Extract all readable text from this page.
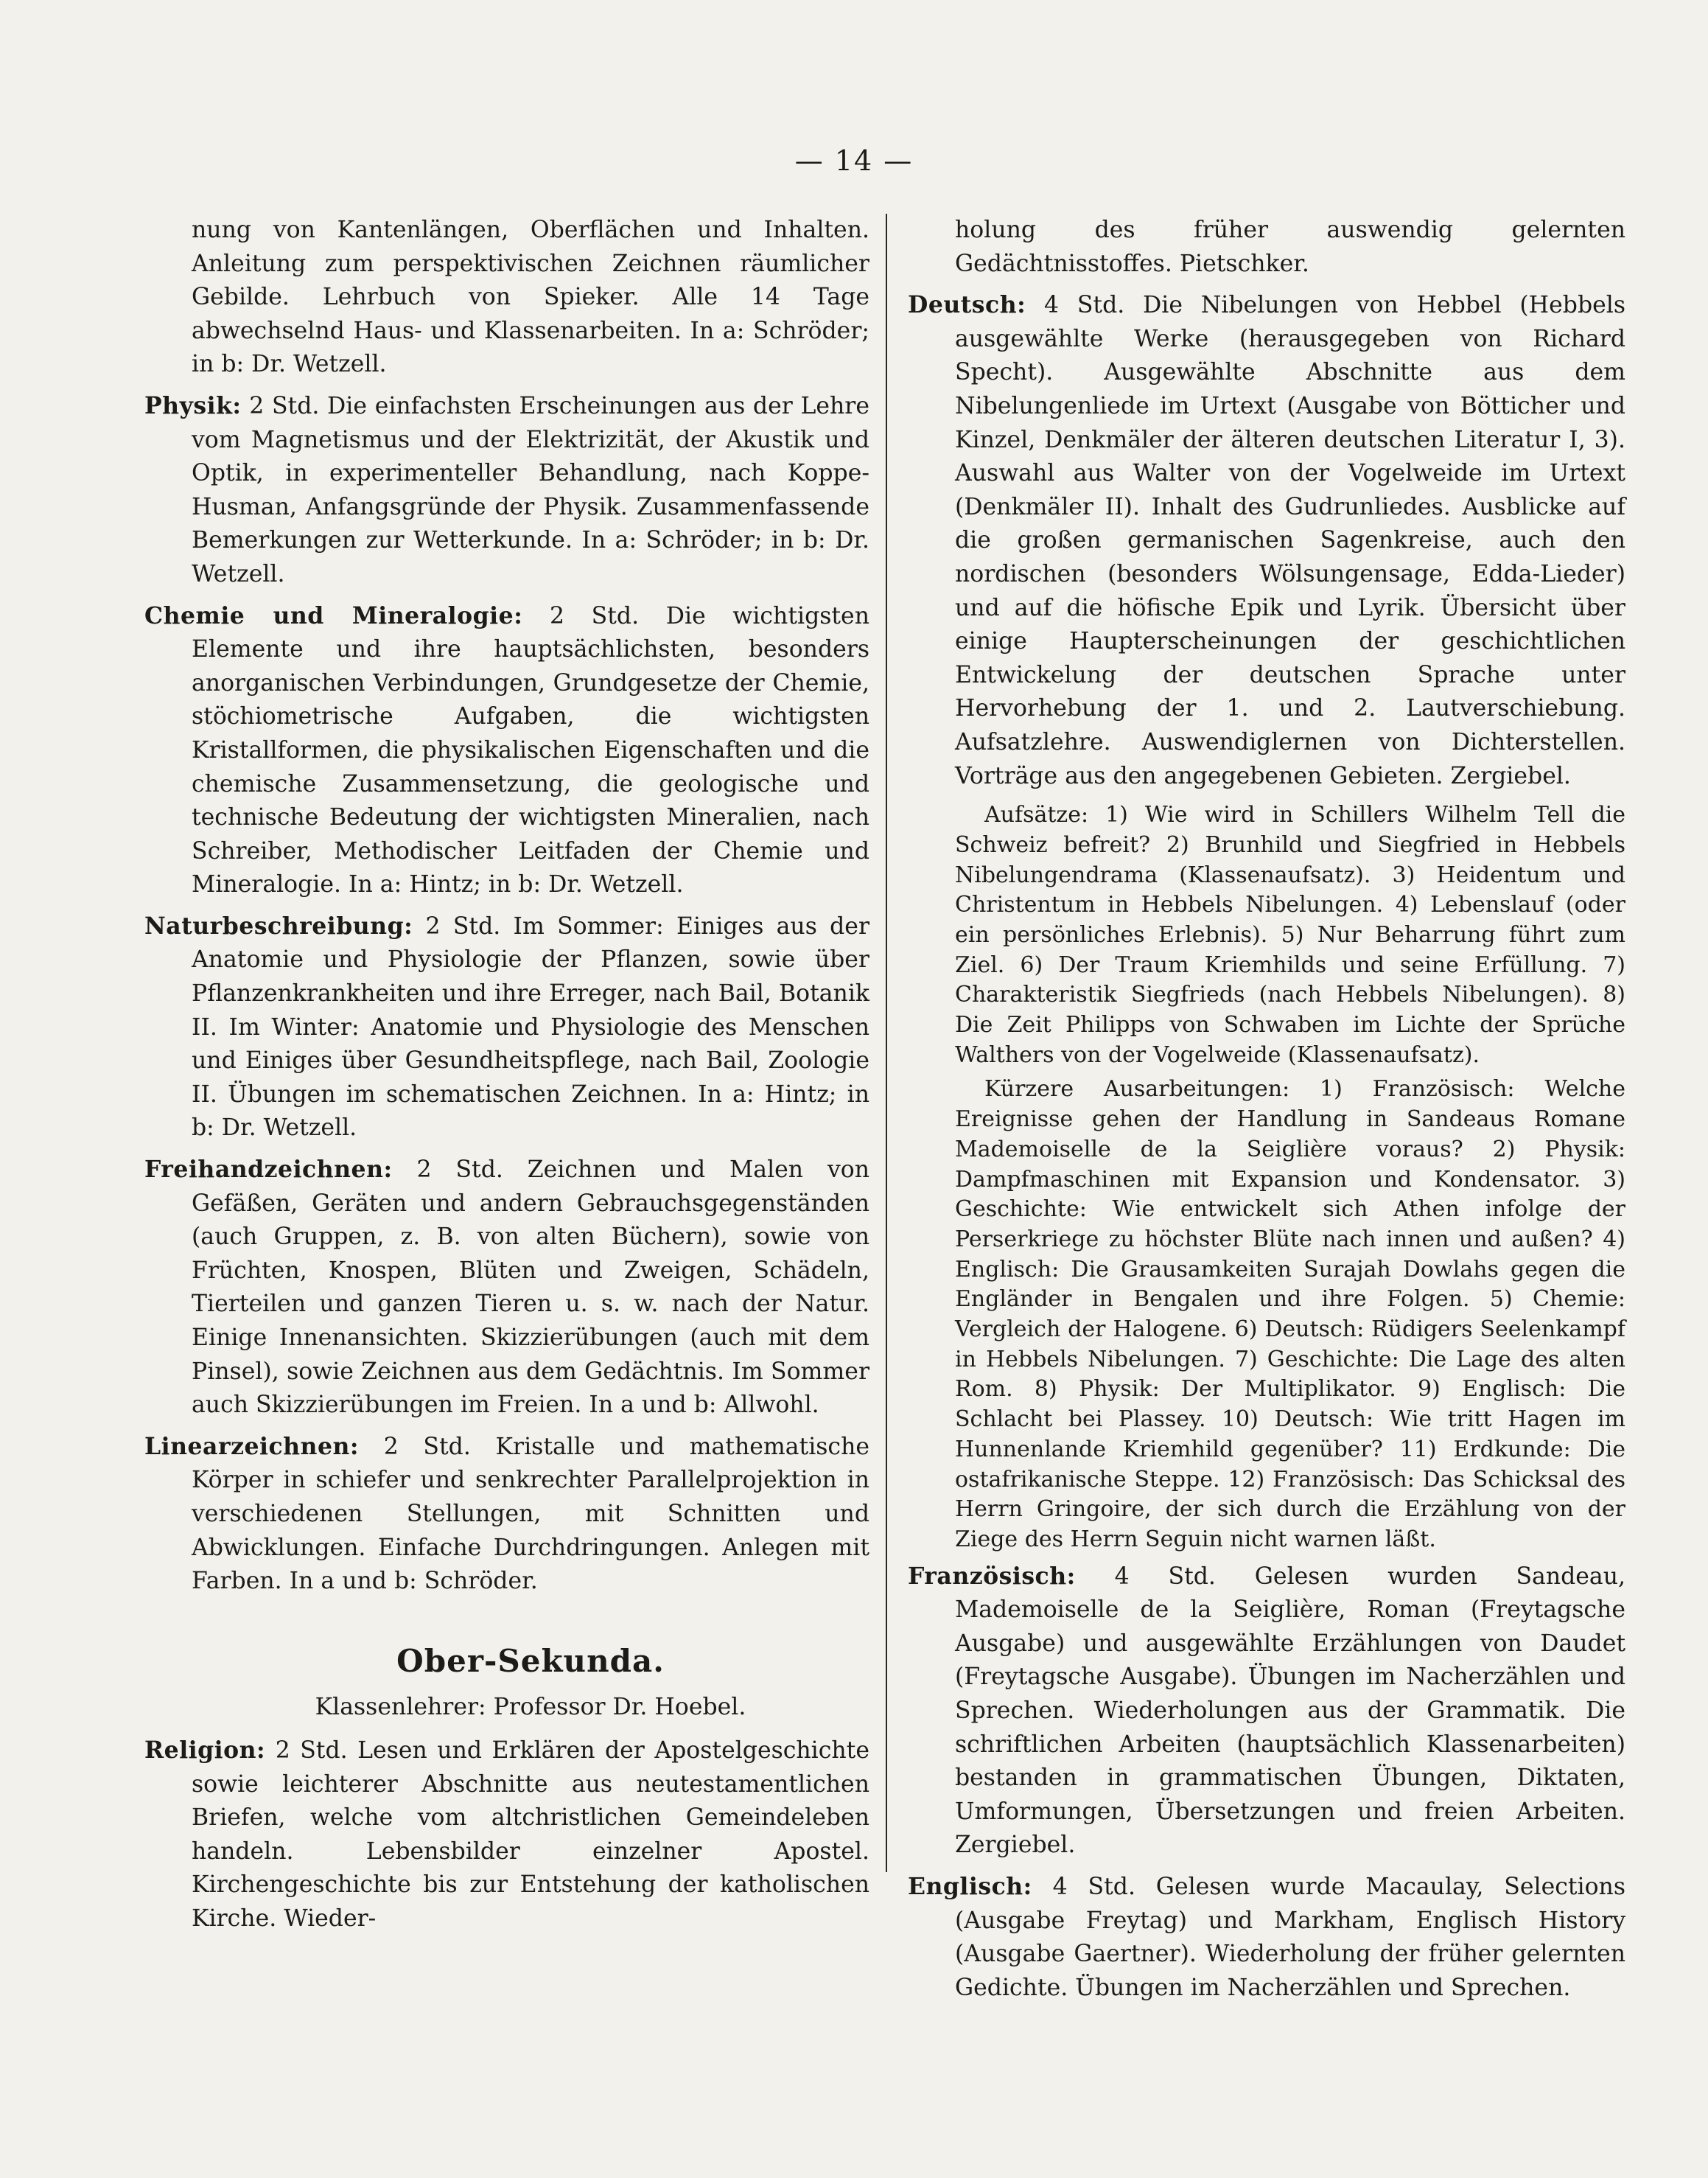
— 14 —

nung von Kantenlängen, Oberflächen und Inhalten. Anleitung zum perspektivischen Zeichnen räumlicher Gebilde. Lehrbuch von Spieker. Alle 14 Tage abwechselnd Haus- und Klassenarbeiten. In a: Schröder; in b: Dr. Wetzell.

Physik: 2 Std. Die einfachsten Erscheinungen aus der Lehre vom Magnetismus und der Elektrizität, der Akustik und Optik, in experimenteller Behandlung, nach Koppe-Husman, Anfangsgründe der Physik. Zusammenfassende Bemerkungen zur Wetterkunde. In a: Schröder; in b: Dr. Wetzell.

Chemie und Mineralogie: 2 Std. Die wichtigsten Elemente und ihre hauptsächlichsten, besonders anorganischen Verbindungen, Grundgesetze der Chemie, stöchiometrische Aufgaben, die wichtigsten Kristallformen, die physikalischen Eigenschaften und die chemische Zusammensetzung, die geologische und technische Bedeutung der wichtigsten Mineralien, nach Schreiber, Methodischer Leitfaden der Chemie und Mineralogie. In a: Hintz; in b: Dr. Wetzell.

Naturbeschreibung: 2 Std. Im Sommer: Einiges aus der Anatomie und Physiologie der Pflanzen, sowie über Pflanzenkrankheiten und ihre Erreger, nach Bail, Botanik II. Im Winter: Anatomie und Physiologie des Menschen und Einiges über Gesundheitspflege, nach Bail, Zoologie II. Übungen im schematischen Zeichnen. In a: Hintz; in b: Dr. Wetzell.

Freihandzeichnen: 2 Std. Zeichnen und Malen von Gefäßen, Geräten und andern Gebrauchsgegenständen (auch Gruppen, z. B. von alten Büchern), sowie von Früchten, Knospen, Blüten und Zweigen, Schädeln, Tierteilen und ganzen Tieren u. s. w. nach der Natur. Einige Innenansichten. Skizzierübungen (auch mit dem Pinsel), sowie Zeichnen aus dem Gedächtnis. Im Sommer auch Skizzierübungen im Freien. In a und b: Allwohl.

Linearzeichnen: 2 Std. Kristalle und mathematische Körper in schiefer und senkrechter Parallelprojektion in verschiedenen Stellungen, mit Schnitten und Abwicklungen. Einfache Durchdringungen. Anlegen mit Farben. In a und b: Schröder.

Ober-Sekunda.
Klassenlehrer: Professor Dr. Hoebel.

Religion: 2 Std. Lesen und Erklären der Apostelgeschichte sowie leichterer Abschnitte aus neutestamentlichen Briefen, welche vom altchristlichen Gemeindeleben handeln. Lebensbilder einzelner Apostel. Kirchengeschichte bis zur Entstehung der katholischen Kirche. Wieder-

holung des früher auswendig gelernten Gedächtnisstoffes. Pietschker.

Deutsch: 4 Std. Die Nibelungen von Hebbel (Hebbels ausgewählte Werke (herausgegeben von Richard Specht). Ausgewählte Abschnitte aus dem Nibelungenliede im Urtext (Ausgabe von Bötticher und Kinzel, Denkmäler der älteren deutschen Literatur I, 3). Auswahl aus Walter von der Vogelweide im Urtext (Denkmäler II). Inhalt des Gudrunliedes. Ausblicke auf die großen germanischen Sagenkreise, auch den nordischen (besonders Wölsungensage, Edda-Lieder) und auf die höfische Epik und Lyrik. Übersicht über einige Haupterscheinungen der geschichtlichen Entwickelung der deutschen Sprache unter Hervorhebung der 1. und 2. Lautverschiebung. Aufsatzlehre. Auswendiglernen von Dichterstellen. Vorträge aus den angegebenen Gebieten. Zergiebel.

Aufsätze: 1) Wie wird in Schillers Wilhelm Tell die Schweiz befreit? 2) Brunhild und Siegfried in Hebbels Nibelungendrama (Klassenaufsatz). 3) Heidentum und Christentum in Hebbels Nibelungen. 4) Lebenslauf (oder ein persönliches Erlebnis). 5) Nur Beharrung führt zum Ziel. 6) Der Traum Kriemhilds und seine Erfüllung. 7) Charakteristik Siegfrieds (nach Hebbels Nibelungen). 8) Die Zeit Philipps von Schwaben im Lichte der Sprüche Walthers von der Vogelweide (Klassenaufsatz).

Kürzere Ausarbeitungen: 1) Französisch: Welche Ereignisse gehen der Handlung in Sandeaus Romane Mademoiselle de la Seiglière voraus? 2) Physik: Dampfmaschinen mit Expansion und Kondensator. 3) Geschichte: Wie entwickelt sich Athen infolge der Perserkriege zu höchster Blüte nach innen und außen? 4) Englisch: Die Grausamkeiten Surajah Dowlahs gegen die Engländer in Bengalen und ihre Folgen. 5) Chemie: Vergleich der Halogene. 6) Deutsch: Rüdigers Seelenkampf in Hebbels Nibelungen. 7) Geschichte: Die Lage des alten Rom. 8) Physik: Der Multiplikator. 9) Englisch: Die Schlacht bei Plassey. 10) Deutsch: Wie tritt Hagen im Hunnenlande Kriemhild gegenüber? 11) Erdkunde: Die ostafrikanische Steppe. 12) Französisch: Das Schicksal des Herrn Gringoire, der sich durch die Erzählung von der Ziege des Herrn Seguin nicht warnen läßt.

Französisch: 4 Std. Gelesen wurden Sandeau, Mademoiselle de la Seiglière, Roman (Freytagsche Ausgabe) und ausgewählte Erzählungen von Daudet (Freytagsche Ausgabe). Übungen im Nacherzählen und Sprechen. Wiederholungen aus der Grammatik. Die schriftlichen Arbeiten (hauptsächlich Klassenarbeiten) bestanden in grammatischen Übungen, Diktaten, Umformungen, Übersetzungen und freien Arbeiten. Zergiebel.

Englisch: 4 Std. Gelesen wurde Macaulay, Selections (Ausgabe Freytag) und Markham, Englisch History (Ausgabe Gaertner). Wiederholung der früher gelernten Gedichte. Übungen im Nacherzählen und Sprechen.
